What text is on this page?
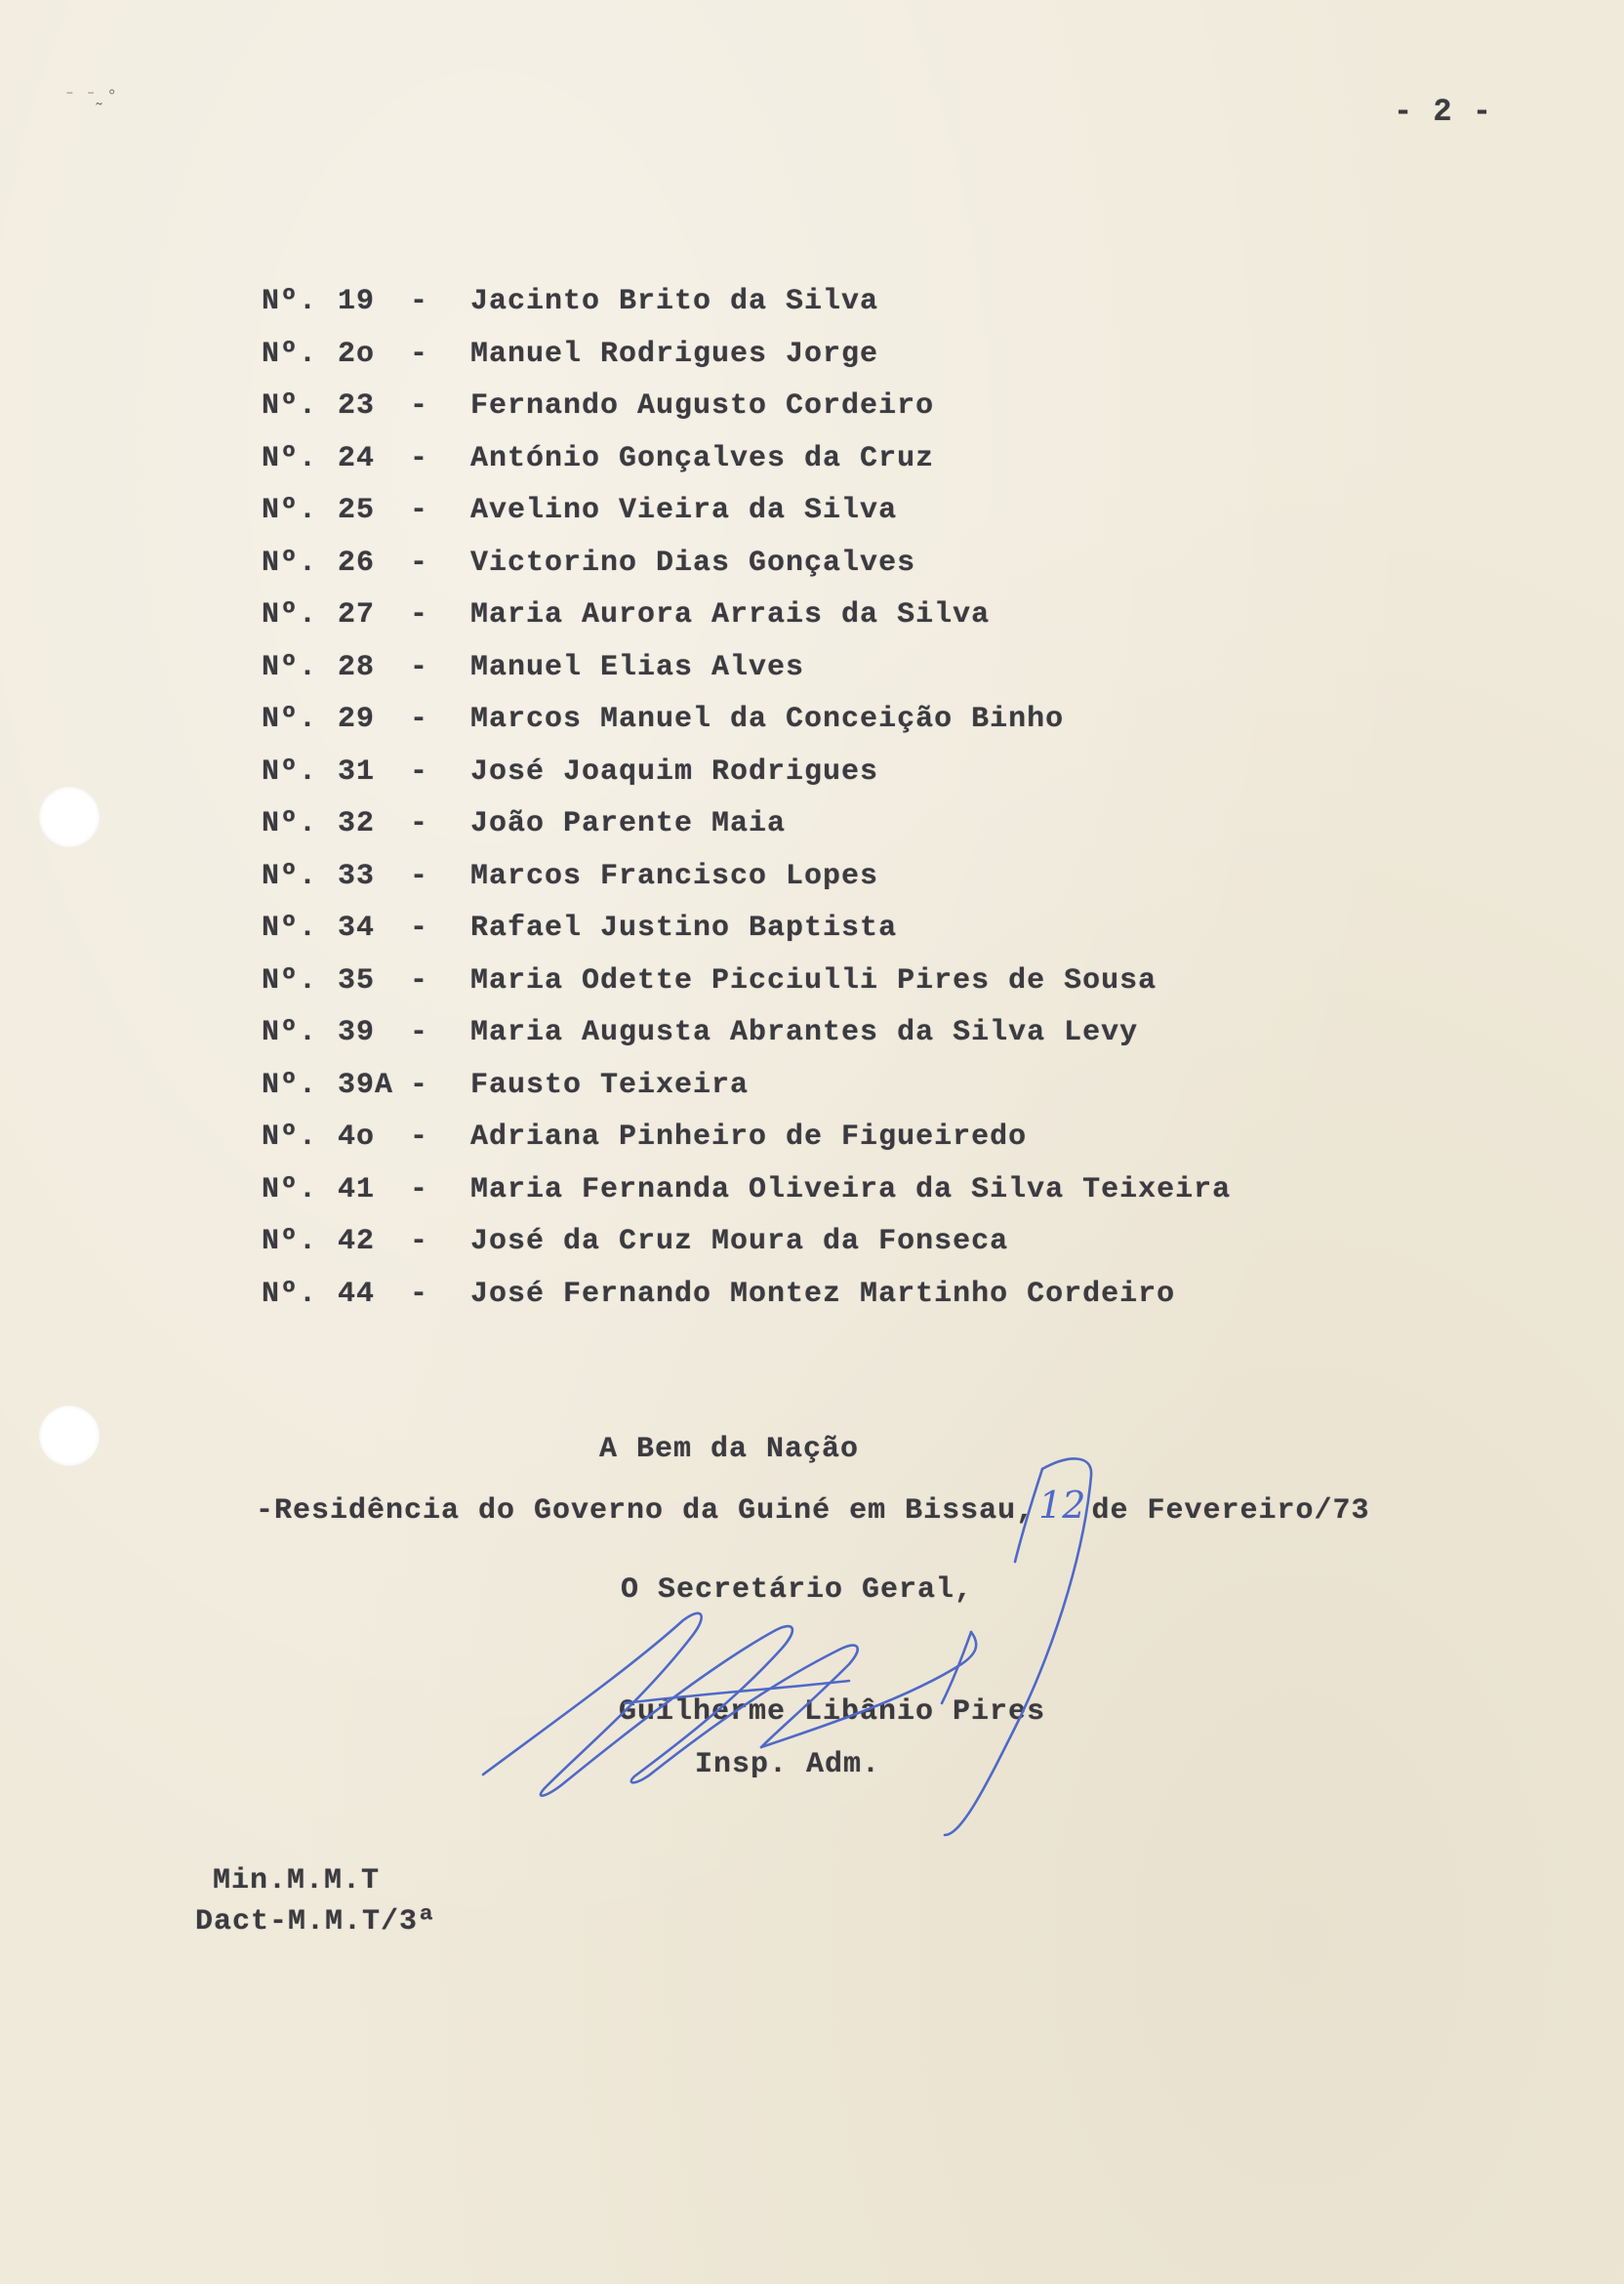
⁻ ⁻˷°	- 2 -
Nº. 19 - Jacinto Brito da Silva
Nº. 2o - Manuel Rodrigues Jorge
Nº. 23 - Fernando Augusto Cordeiro
Nº. 24 - António Gonçalves da Cruz
Nº. 25 - Avelino Vieira da Silva
Nº. 26 - Victorino Dias Gonçalves
Nº. 27 - Maria Aurora Arrais da Silva
Nº. 28 - Manuel Elias Alves
Nº. 29 - Marcos Manuel da Conceição Binho
Nº. 31 - José Joaquim Rodrigues
Nº. 32 - João Parente Maia
Nº. 33 - Marcos Francisco Lopes
Nº. 34 - Rafael Justino Baptista
Nº. 35 - Maria Odette Picciulli Pires de Sousa
Nº. 39 - Maria Augusta Abrantes da Silva Levy
Nº. 39A - Fausto Teixeira
Nº. 4o - Adriana Pinheiro de Figueiredo
Nº. 41 - Maria Fernanda Oliveira da Silva Teixeira
Nº. 42 - José da Cruz Moura da Fonseca
Nº. 44 - José Fernando Montez Martinho Cordeiro
A Bem da Nação
-Residência do Governo da Guiné em Bissau, 12 de Fevereiro/73
O Secretário Geral,
Guilherme Libânio Pires
Insp. Adm.
Min.M.M.T
Dact-M.M.T/3ª
